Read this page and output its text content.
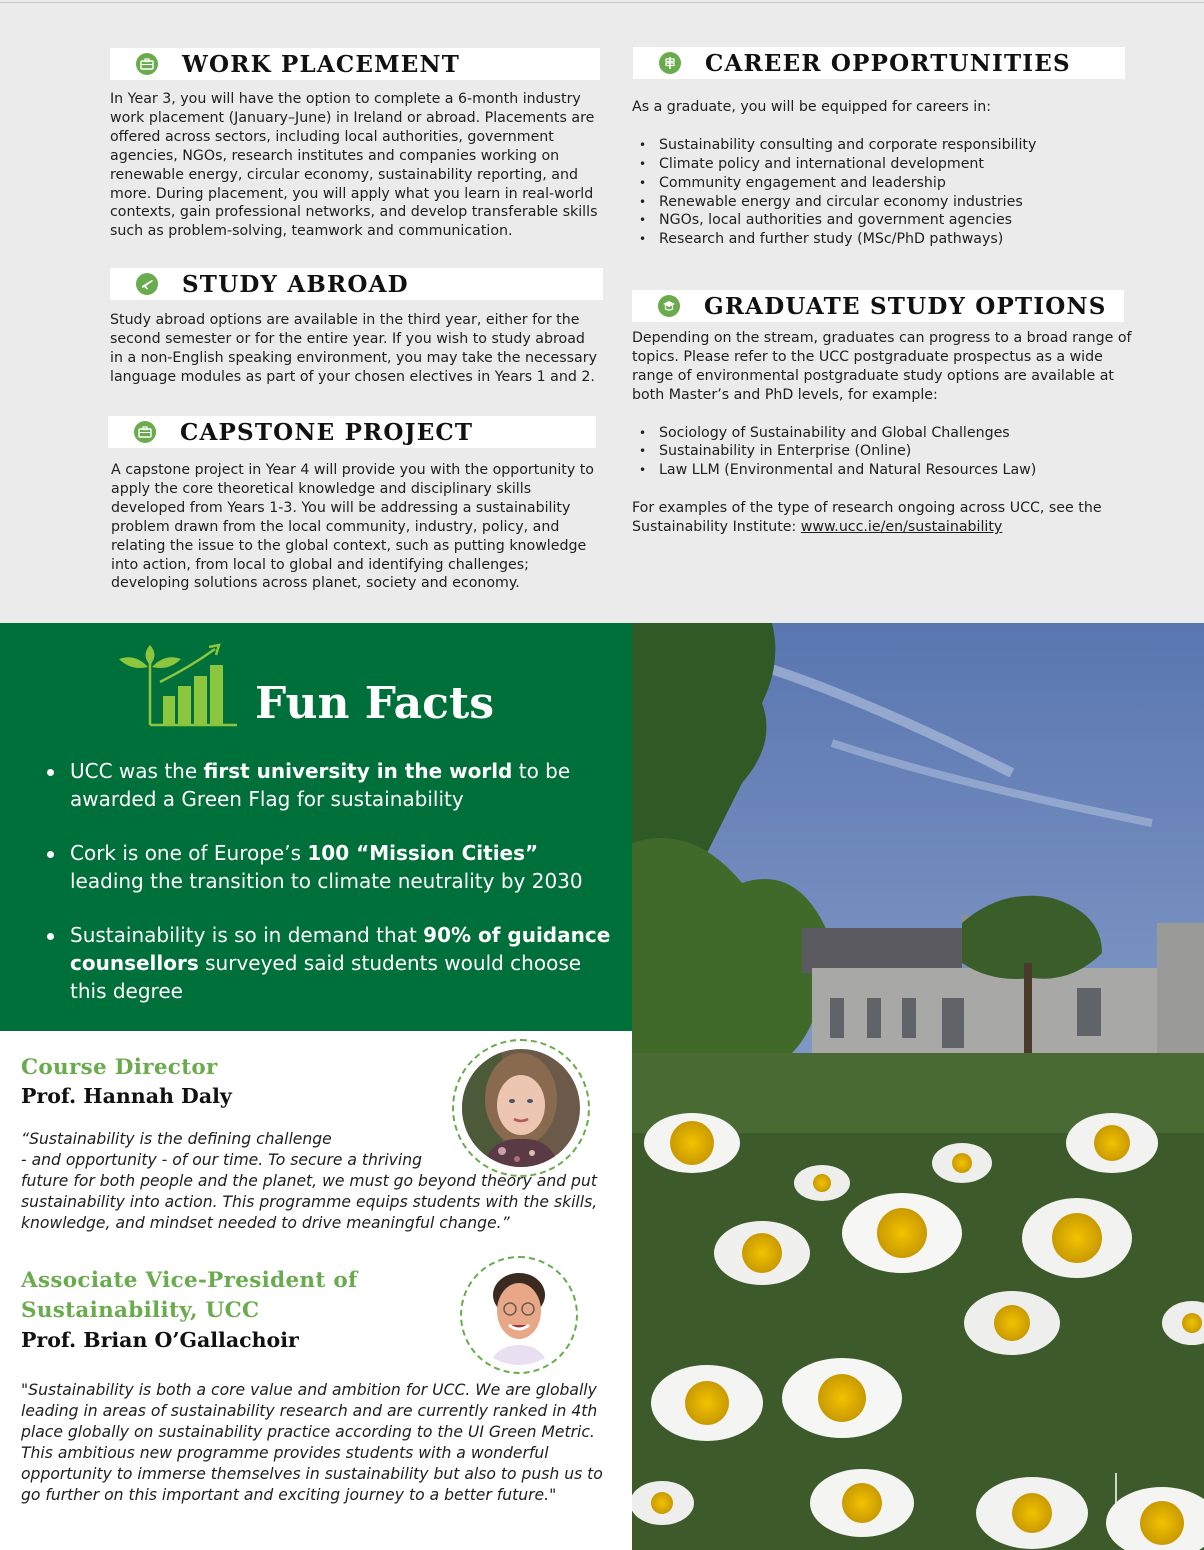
WORK PLACEMENT
In Year 3, you will have the option to complete a 6-month industry work placement (January–June) in Ireland or abroad. Placements are offered across sectors, including local authorities, government agencies, NGOs, research institutes and companies working on renewable energy, circular economy, sustainability reporting, and more. During placement, you will apply what you learn in real-world contexts, gain professional networks, and develop transferable skills such as problem-solving, teamwork and communication.
STUDY ABROAD
Study abroad options are available in the third year, either for the second semester or for the entire year. If you wish to study abroad in a non-English speaking environment, you may take the necessary language modules as part of your chosen electives in Years 1 and 2.
CAPSTONE PROJECT
A capstone project in Year 4 will provide you with the opportunity to apply the core theoretical knowledge and disciplinary skills developed from Years 1-3. You will be addressing a sustainability problem drawn from the local community, industry, policy, and relating the issue to the global context, such as putting knowledge into action, from local to global and identifying challenges; developing solutions across planet, society and economy.
CAREER OPPORTUNITIES

As a graduate, you will be equipped for careers in:

• Sustainability consulting and corporate responsibility
• Climate policy and international development
• Community engagement and leadership
• Renewable energy and circular economy industries
• NGOs, local authorities and government agencies
• Research and further study (MSc/PhD pathways)
GRADUATE STUDY OPTIONS

Depending on the stream, graduates can progress to a broad range of topics. Please refer to the UCC postgraduate prospectus as a wide range of environmental postgraduate study options are available at both Master’s and PhD levels, for example:

• Sociology of Sustainability and Global Challenges
• Sustainability in Enterprise (Online)
• Law LLM (Environmental and Natural Resources Law)

For examples of the type of research ongoing across UCC, see the Sustainability Institute: www.ucc.ie/en/sustainability

Fun Facts
UCC was the first university in the world to be awarded a Green Flag for sustainability
Cork is one of Europe’s 100 “Mission Cities” leading the transition to climate neutrality by 2030
Sustainability is so in demand that 90% of guidance counsellors surveyed said students would choose this degree
Course Director
Prof. Hannah Daly
“Sustainability is the defining challenge
- and opportunity - of our time. To secure a thriving
future for both people and the planet, we must go beyond theory and put sustainability into action. This programme equips students with the skills, knowledge, and mindset needed to drive meaningful change.”
Associate Vice-President of
Sustainability, UCC
Prof. Brian O’Gallachoir
"Sustainability is both a core value and ambition for UCC. We are globally leading in areas of sustainability research and are currently ranked in 4th place globally on sustainability practice according to the UI Green Metric. This ambitious new programme provides students with a wonderful opportunity to immerse themselves in sustainability but also to push us to go further on this important and exciting journey to a better future."
